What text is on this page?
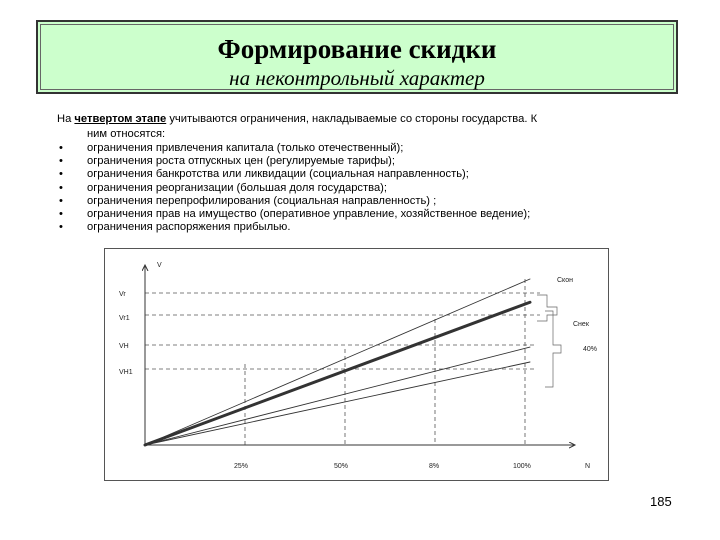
Формирование скидки
на неконтрольный характер
На четвертом этапе учитываются ограничения, накладываемые со стороны государства. К
ним относятся:
• ограничения привлечения капитала (только отечественный);
• ограничения роста отпускных цен (регулируемые тарифы);
• ограничения банкротства или ликвидации (социальная направленность);
• ограничения реорганизации (большая доля государства);
• ограничения перепрофилирования (социальная направленность) ;
• ограничения прав на имущество (оперативное управление, хозяйственное ведение);
• ограничения распоряжения прибылью.
Скон
Снек
40%
V
N
Vr
Vr1
VH
VH1
25%	50%	8%	100%
185
